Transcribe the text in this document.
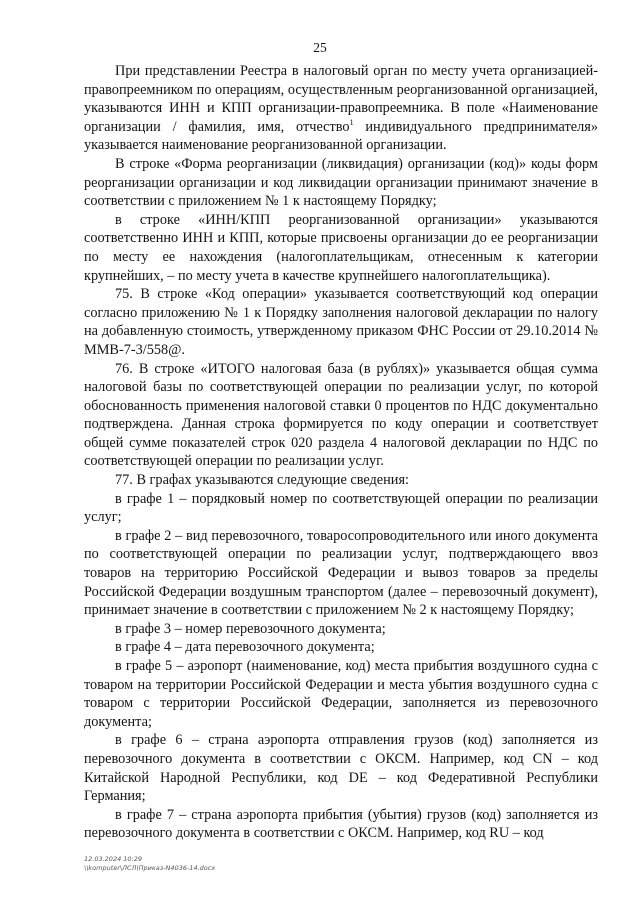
25

При представлении Реестра в налоговый орган по месту учета организацией-правопреемником по операциям, осуществленным реорганизованной организацией, указываются ИНН и КПП организации-правопреемника. В поле «Наименование организации / фамилия, имя, отчество$^1$ индивидуального предпринимателя» указывается наименование реорганизованной организации.

В строке «Форма реорганизации (ликвидация) организации (код)» коды форм реорганизации организации и код ликвидации организации принимают значение в соответствии с приложением № 1 к настоящему Порядку;

в строке «ИНН/КПП реорганизованной организации» указываются соответственно ИНН и КПП, которые присвоены организации до ее реорганизации по месту ее нахождения (налогоплательщикам, отнесенным к категории крупнейших, – по месту учета в качестве крупнейшего налогоплательщика).

75. В строке «Код операции» указывается соответствующий код операции согласно приложению № 1 к Порядку заполнения налоговой декларации по налогу на добавленную стоимость, утвержденному приказом ФНС России от 29.10.2014 № ММВ-7-3/558@.

76. В строке «ИТОГО налоговая база (в рублях)» указывается общая сумма налоговой базы по соответствующей операции по реализации услуг, по которой обоснованность применения налоговой ставки 0 процентов по НДС документально подтверждена. Данная строка формируется по коду операции и соответствует общей сумме показателей строк 020 раздела 4 налоговой декларации по НДС по соответствующей операции по реализации услуг.

77. В графах указываются следующие сведения:

в графе 1 – порядковый номер по соответствующей операции по реализации услуг;

в графе 2 – вид перевозочного, товаросопроводительного или иного документа по соответствующей операции по реализации услуг, подтверждающего ввоз товаров на территорию Российской Федерации и вывоз товаров за пределы Российской Федерации воздушным транспортом (далее – перевозочный документ), принимает значение в соответствии с приложением № 2 к настоящему Порядку;

в графе 3 – номер перевозочного документа;

в графе 4 – дата перевозочного документа;

в графе 5 – аэропорт (наименование, код) места прибытия воздушного судна с товаром на территории Российской Федерации и места убытия воздушного судна с товаром с территории Российской Федерации, заполняется из перевозочного документа;

в графе 6 – страна аэропорта отправления грузов (код) заполняется из перевозочного документа в соответствии с ОКСМ. Например, код CN – код Китайской Народной Республики, код DE – код Федеративной Республики Германия;

в графе 7 – страна аэропорта прибытия (убытия) грузов (код) заполняется из перевозочного документа в соответствии с ОКСМ. Например, код RU – код

12.03.2024 10:29
\\komputer\ЛСЛ\Приказ-N4036-14.docx
